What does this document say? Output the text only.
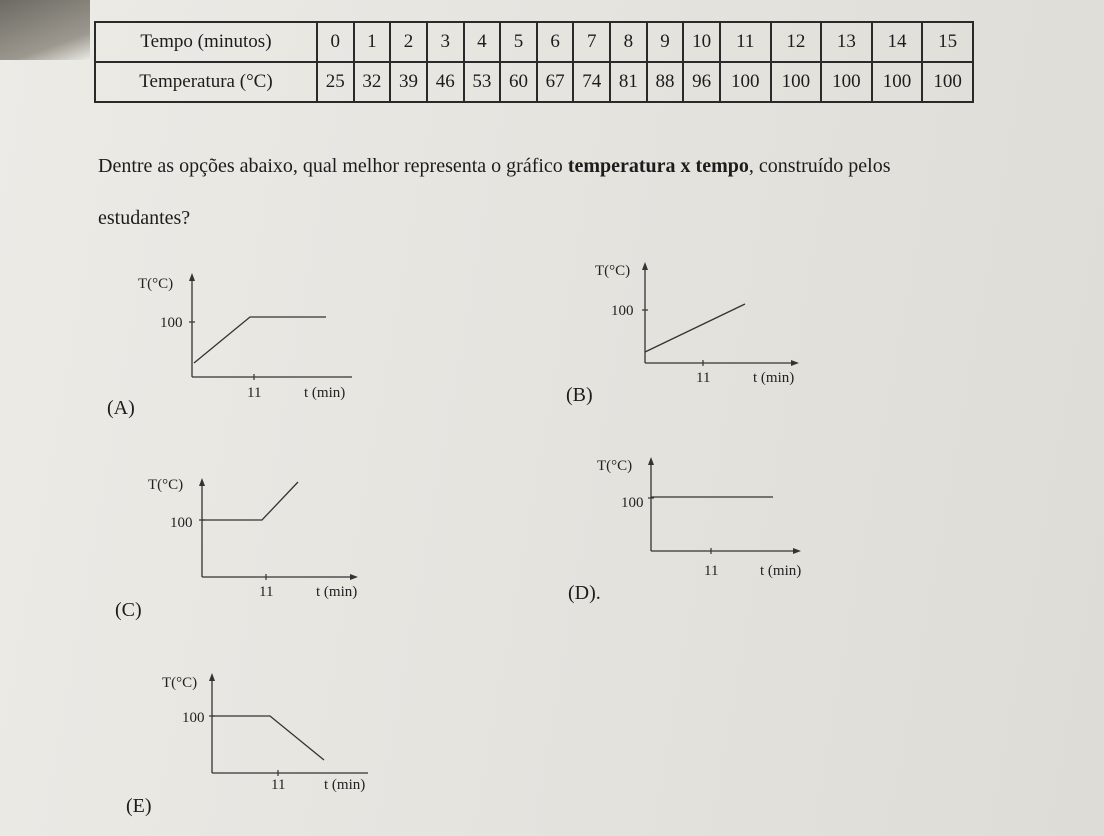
Tempo (minutos)	0	1	2	3	4	5	6	7	8	9	10	11	12	13	14	15
Temperatura (°C)	25	32	39	46	53	60	67	74	81	88	96	100	100	100	100	100
Dentre as opções abaixo, qual melhor representa o gráfico temperatura x tempo, construído pelos
estudantes?
T(°C)
100
11	t (min)
(A)
T(°C)
100
11	t (min)
(B)
T(°C)
100
11	t (min)
(C)
T(°C)
100
11	t (min)
(D).
T(°C)
100
11	t (min)
(E)
